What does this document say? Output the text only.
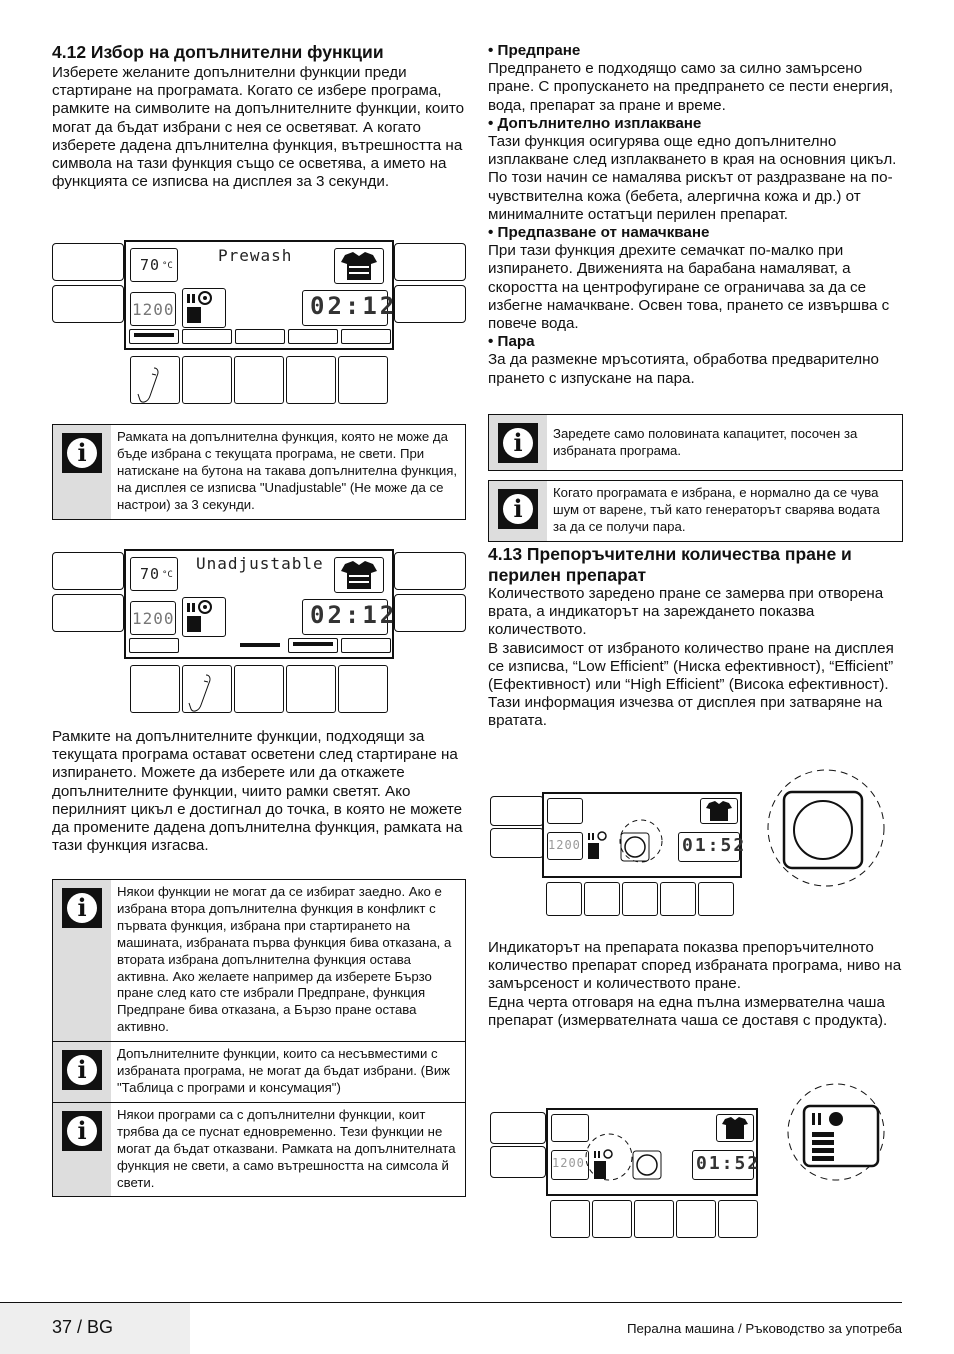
4.12 Избор на допълнителни функции

Изберете желаните допълнителни функции преди стартиране на програмата. Когато се избере програма, рамките на символите на допълнителните функции, които могат да бъдат избрани с нея се осветяват. А когато изберете дадена дпълнителна функция, вътрешността на символа на тази функция също се осветява, а името на функцията се изписва на дисплея за 3 секунди.

70 °C
Prewash
1200	02:12
i
Рамката на допълнителна функция, която не може да бъде избрана с текущата програма, не свети. При натискане на бутона на такава допълнителна функция, на дисплея се изписва "Unadjustable" (Не може да се настрои) за 3 секунди.
70 °C
Unadjustable
1200	02:12

Рамките на допълнителните функции, подходящи за текущата програма остават осветени след стартиране на изпирането. Можете да изберете или да откажете допълнителните функции, чиито рамки светят. Ако перилният цикъл е достигнал до точка, в която не можете да промените дадена допълнителна функция, рамката на тази функция изгасва.

i
Някои функции не могат да се избират заедно. Ако е избрана втора допълнителна функция в конфликт с първата функция, избрана при стартирането на машината, избраната първа функция бива отказана, а втората избрана допълнителна функция остава активна. Ако желаете например да изберете Бързо пране след като сте избрали Предпране, функция Предпране бива отказана, а Бързо пране остава активно.
i
Допълнителните функции, които са несъвместими с избраната програма, не могат да бъдат избрани. (Виж "Таблица с програми и консумация")
i
Някои програми са с допълнителни функции, коит трябва да се пуснат едновременно. Тези функции не могат да бъдат отказвани. Рамката на допълнителната функция не свети, а само вътрешността на симсола й свети.
• Предпране

Предпрането е подходящо само за силно замърсено пране. С пропускането на предпрането се пести енергия, вода, препарат за пране и време.

• Допълнително изплакване

Тази функция осигурява още едно допълнително изплакване след изплакването в края на основния цикъл. По този начин се намалява рискът от раздразване на по-чувствителна кожа (бебета, алергична кожа и др.) от минималните остатъци перилен препарат.

• Предпазване от намачкване

При тази функция дрехите семачкат по-малко при изпирането. Движенията на барабана намаляват, а скоростта на центрофугиране се ограничава за да се избегне намачкване. Освен това, прането се извършва с повече вода.

• Пара

За да размекне мръсотията, обработва предварително прането с изпускане на пара.

i	Заредете само половината капацитет, посочен за избраната програма.
i
Когато програмата е избрана, е нормално да се чува шум от варене, тъй като генераторът сварява водата за да се получи пара.
4.13 Препоръчителни количества пране и перилен препарат

Количеството заредено пране се замерва при отворена врата, а индикаторът на зареждането показва количеството.
В зависимост от избраното количество пране на дисплея се изписва, “Low Efficient” (Ниска ефективност), “Efficient” (Ефективност) или “High Efficient” (Висока ефективност).
Тази информация изчезва от дисплея при затваряне на вратата.

1200	01:52

Индикаторът на препарата показва препоръчителното количество препарат според избраната програма, ниво на замърсеност и количеството пране.
Една черта отговаря на една пълна измервателна чаша препарат (измервателната чаша се доставя с продукта).

1200	01:52
37 / BG	Перална машина / Ръководство за употреба
